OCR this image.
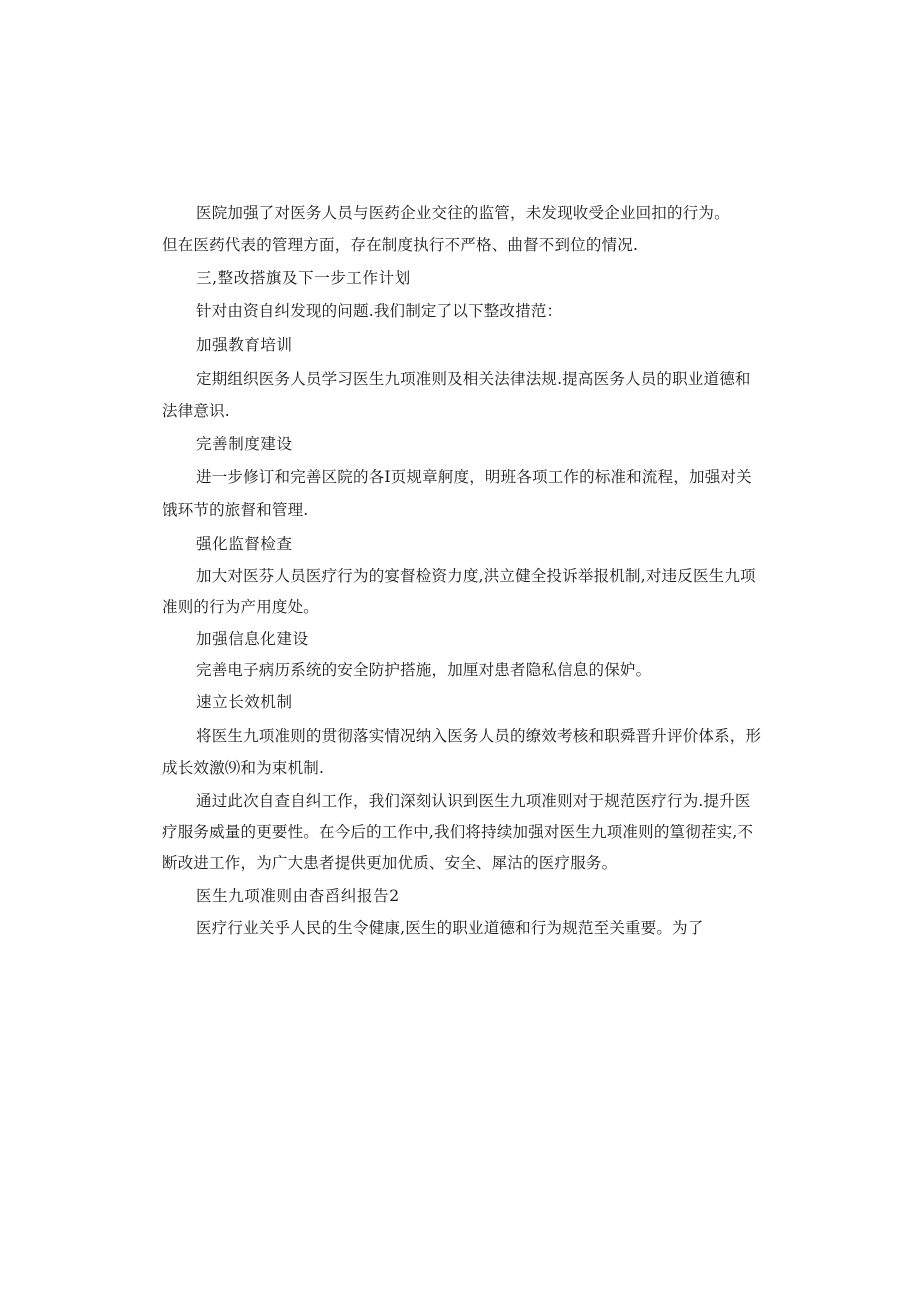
医院加强了对医务人员与医药企业交往的监管，未发现收受企业回扣的行为。
但在医药代表的管理方面，存在制度执行不严格、曲督不到位的情况.
三,整改搭旗及下一步工作计划
针对由资自纠发现的问题.我们制定了以下整改措范：
加强教育培训
定期组织医务人员学习医生九项准则及相关法律法规.提高医务人员的职业道德和
法律意识.
完善制度建设
进一步修订和完善区院的各I页规章舸度，明班各项工作的标准和流程，加强对关
饿环节的旅督和管理.
强化监督检查
加大对医芬人员医疗行为的宴督检资力度,洪立健全投诉举报机制,对违反医生九项
准则的行为产用度处。
加强信息化建设
完善电子病历系统的安全防护搭施，加厘对患者隐私信息的保妒。
速立长效机制
将医生九项准则的贯彻落实情况纳入医务人员的缭效考核和职舜晋升评价体系，形
成长效激⑼和为束机制.
通过此次自查自纠工作，我们深刻认识到医生九项准则对于规范医疗行为.提升医
疗服务威量的更要性。在今后的工作中,我们将持续加强对医生九项准则的篁彻茬实,不
断改进工作，为广大患者提供更加优质、安全、犀沽的医疗服务。
医生九项准则由杳舀纠报告2
医疗行业关乎人民的生令健康,医生的职业道德和行为规范至关重要。为了
